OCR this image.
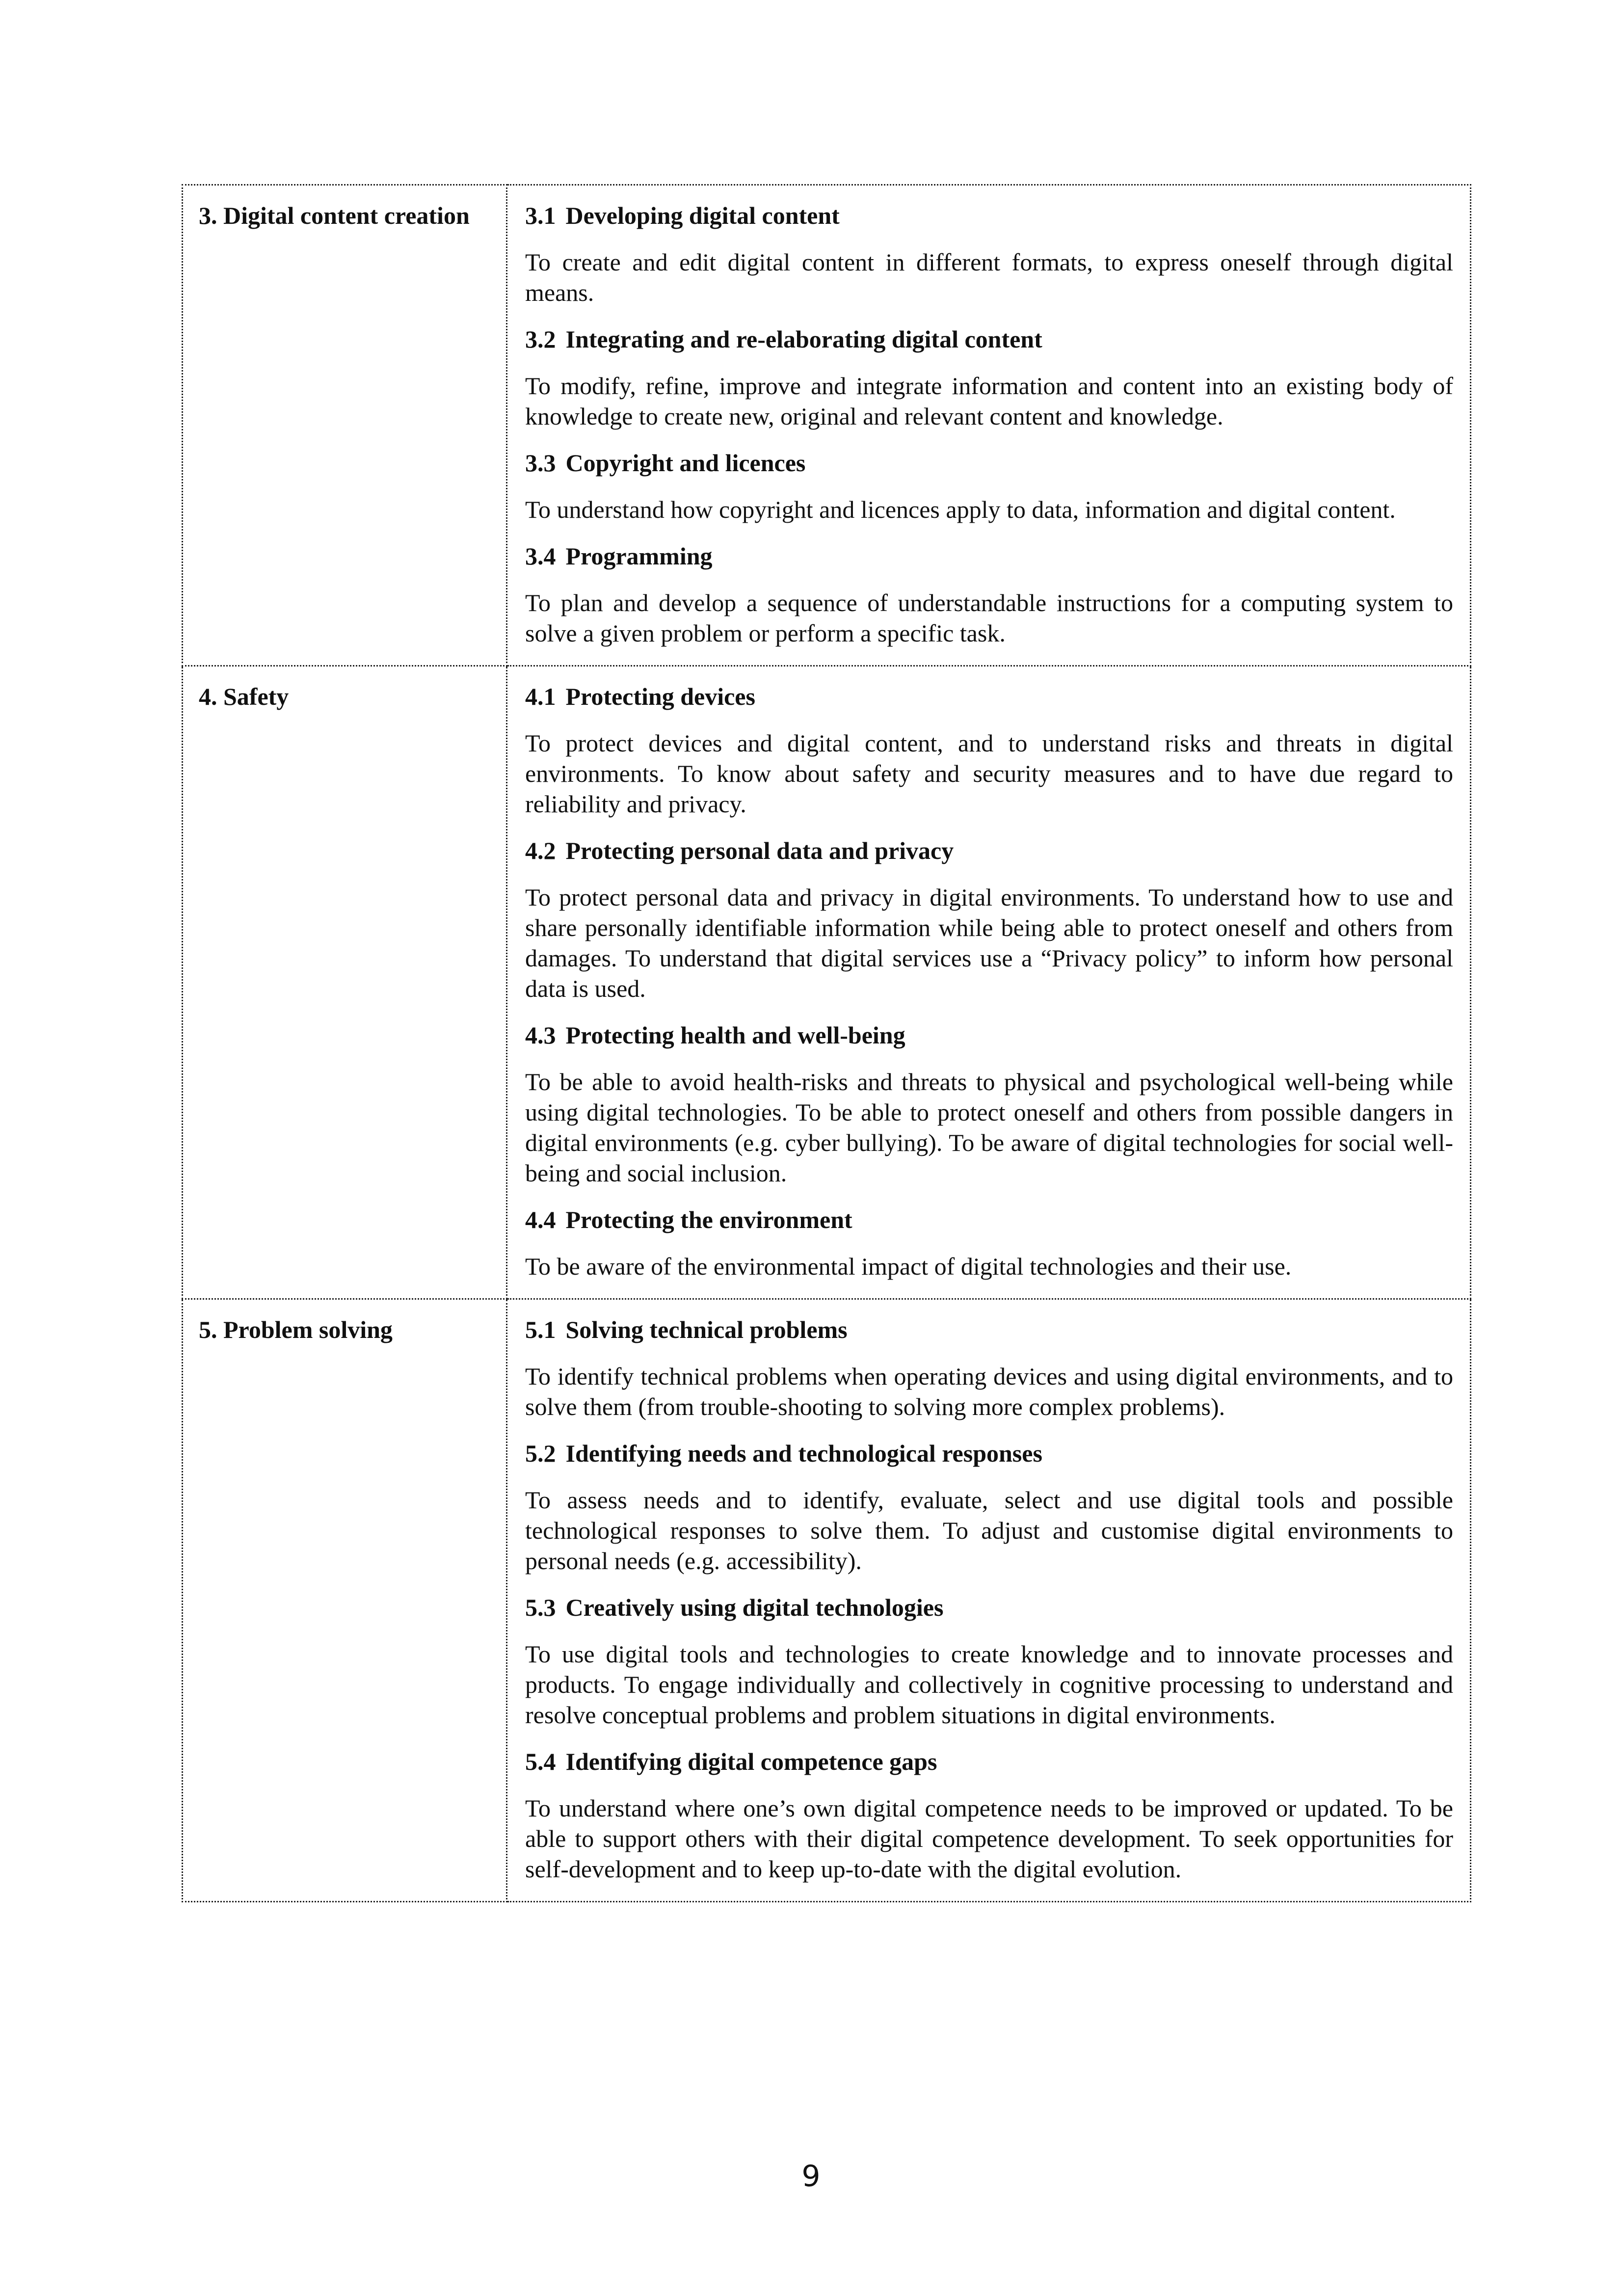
3. Digital content creation	3.1 Developing digital content

To create and edit digital content in different formats, to express oneself through digital means.

3.2 Integrating and re-elaborating digital content

To modify, refine, improve and integrate information and content into an existing body of knowledge to create new, original and relevant content and knowledge.

3.3 Copyright and licences

To understand how copyright and licences apply to data, information and digital content.

3.4 Programming

To plan and develop a sequence of understandable instructions for a computing system to solve a given problem or perform a specific task.

4. Safety	4.1 Protecting devices

To protect devices and digital content, and to understand risks and threats in digital environments. To know about safety and security measures and to have due regard to reliability and privacy.

4.2 Protecting personal data and privacy

To protect personal data and privacy in digital environments. To understand how to use and share personally identifiable information while being able to protect oneself and others from damages. To understand that digital services use a “Privacy policy” to inform how personal data is used.

4.3 Protecting health and well-being

To be able to avoid health-risks and threats to physical and psychological well-being while using digital technologies. To be able to protect oneself and others from possible dangers in digital environments (e.g. cyber bullying). To be aware of digital technologies for social well-being and social inclusion.

4.4 Protecting the environment

To be aware of the environmental impact of digital technologies and their use.

5. Problem solving	5.1 Solving technical problems

To identify technical problems when operating devices and using digital environments, and to solve them (from trouble-shooting to solving more complex problems).

5.2 Identifying needs and technological responses

To assess needs and to identify, evaluate, select and use digital tools and possible technological responses to solve them. To adjust and customise digital environments to personal needs (e.g. accessibility).

5.3 Creatively using digital technologies

To use digital tools and technologies to create knowledge and to innovate processes and products. To engage individually and collectively in cognitive processing to understand and resolve conceptual problems and problem situations in digital environments.

5.4 Identifying digital competence gaps

To understand where one’s own digital competence needs to be improved or updated. To be able to support others with their digital competence development. To seek opportunities for self-development and to keep up-to-date with the digital evolution.

9
